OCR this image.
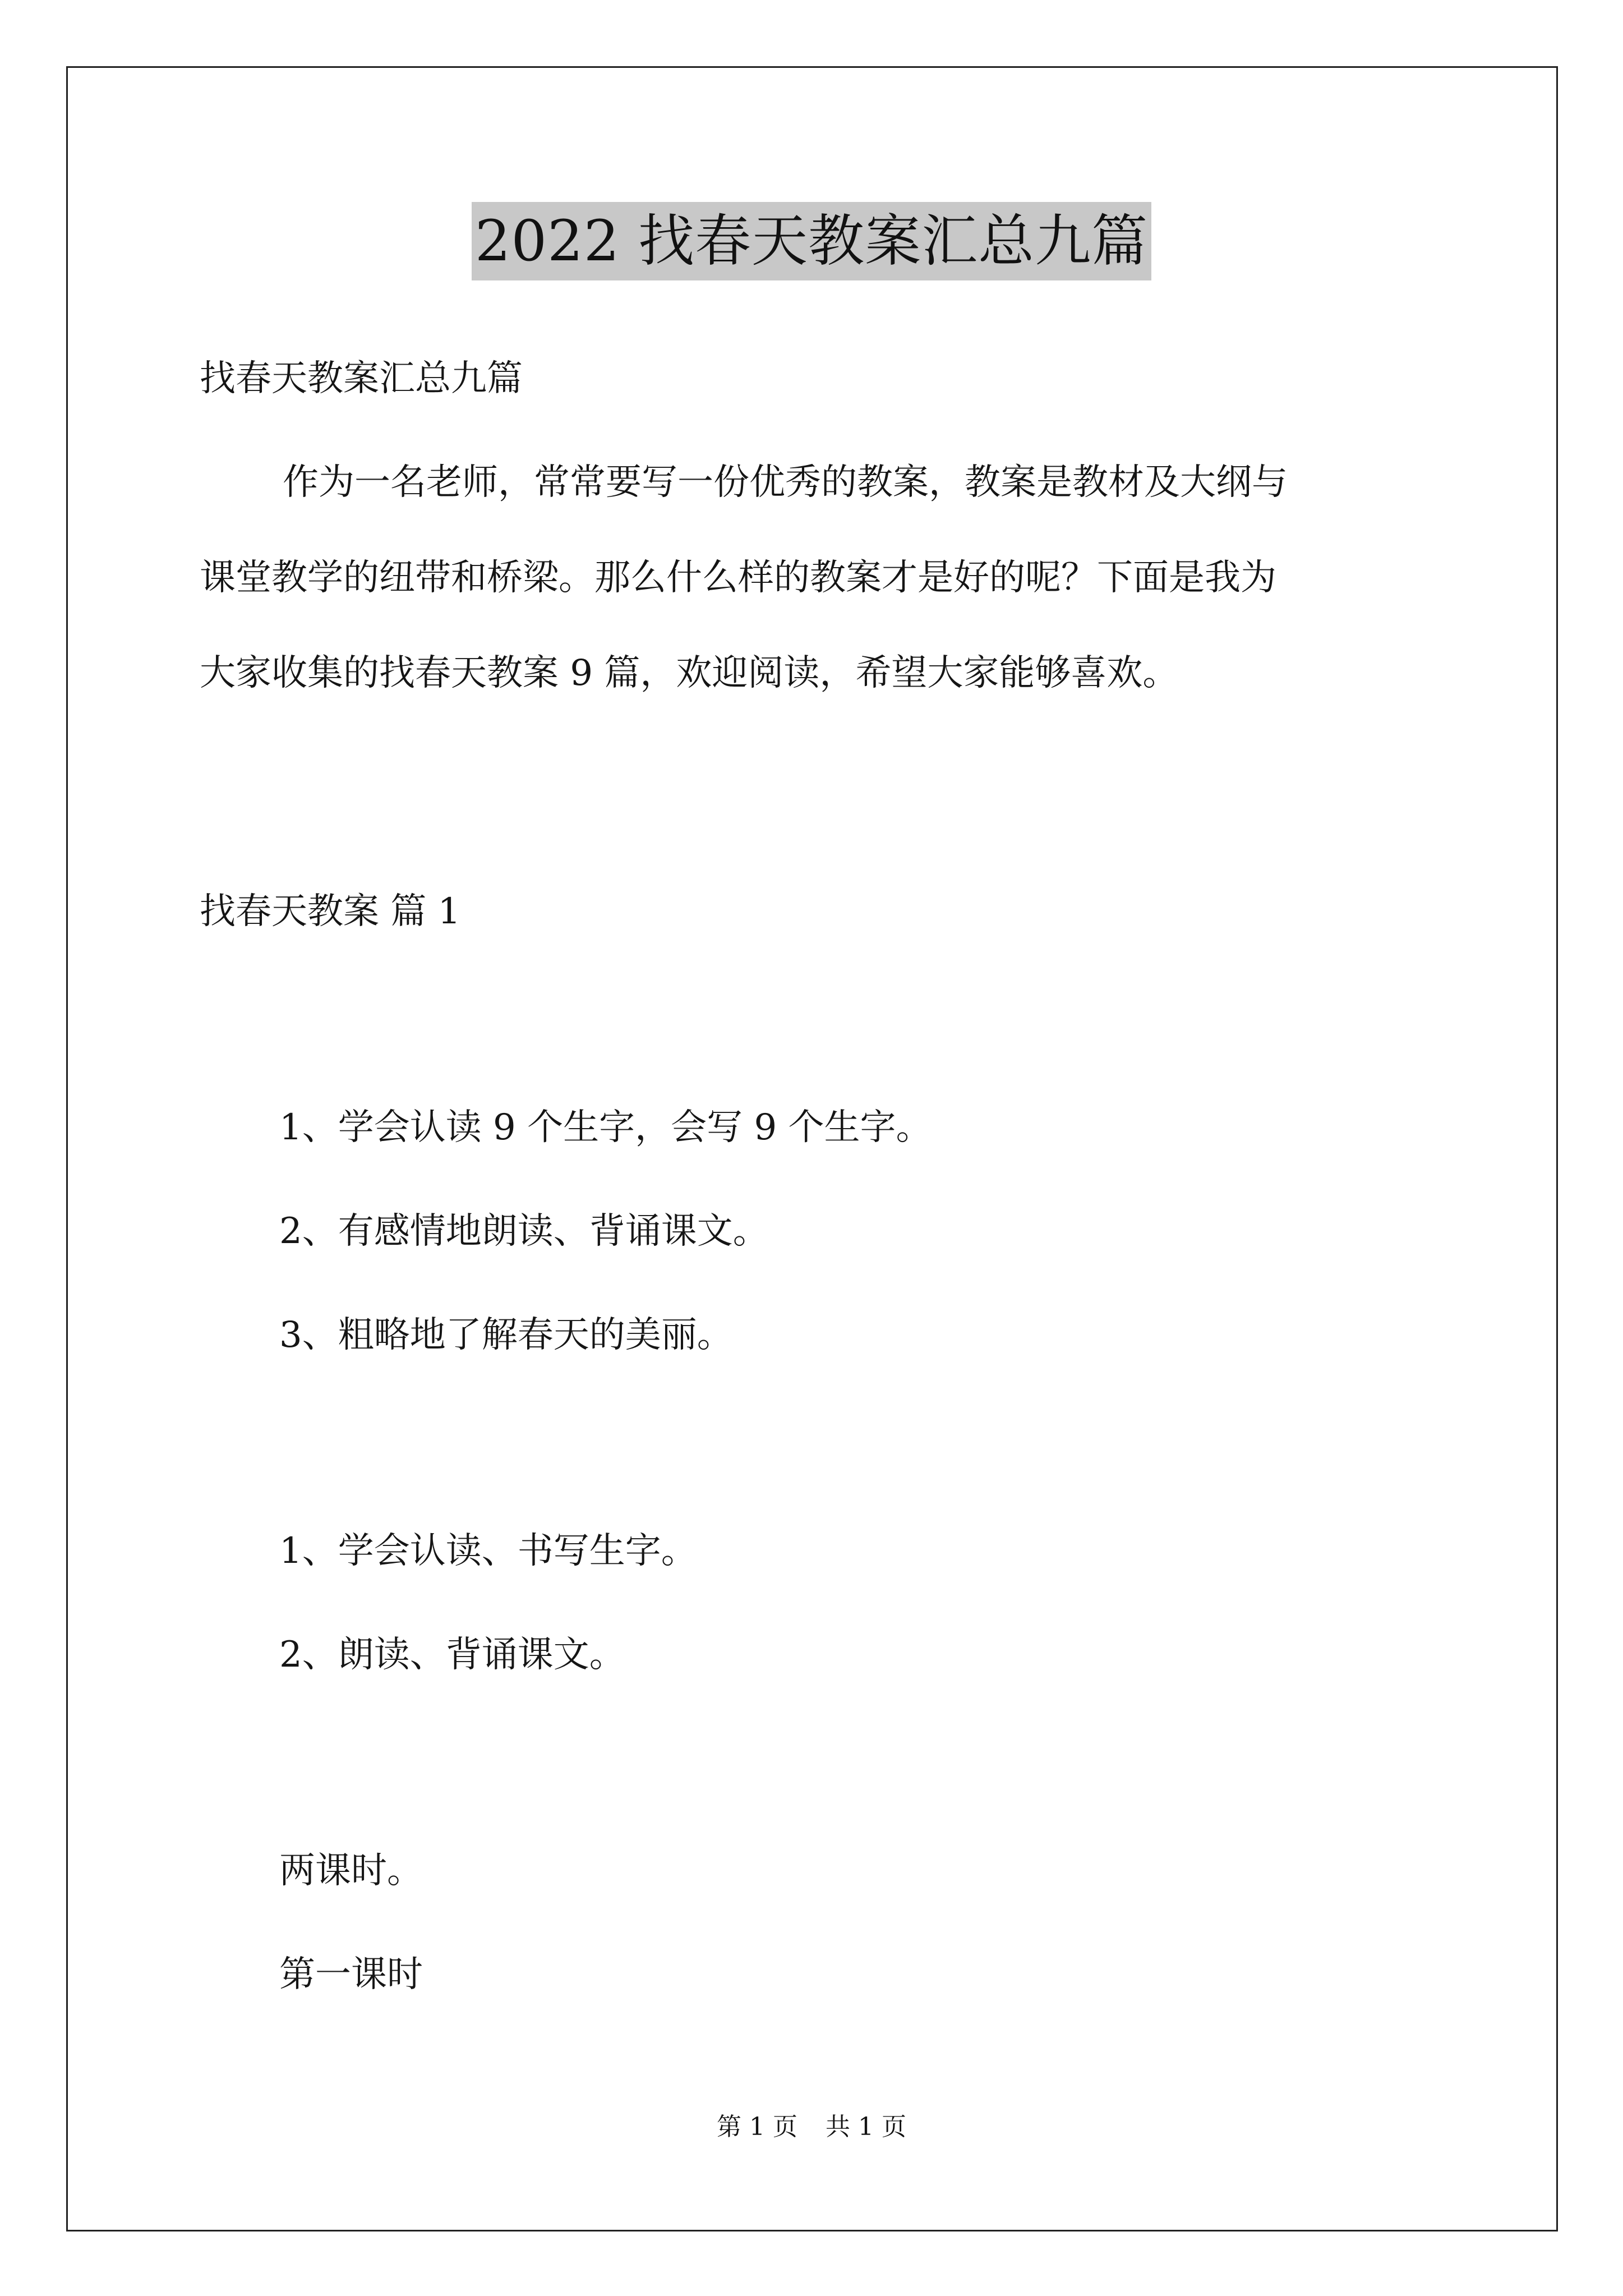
2022 找春天教案汇总九篇
找春天教案汇总九篇
作为一名老师，常常要写一份优秀的教案，教案是教材及大纲与
课堂教学的纽带和桥梁。那么什么样的教案才是好的呢？下面是我为
大家收集的找春天教案 9 篇，欢迎阅读，希望大家能够喜欢。
找春天教案 篇 1
1、学会认读 9 个生字，会写 9 个生字。
2、有感情地朗读、背诵课文。
3、粗略地了解春天的美丽。
1、学会认读、书写生字。
2、朗读、背诵课文。
两课时。
第一课时
第 1 页 共 1 页
